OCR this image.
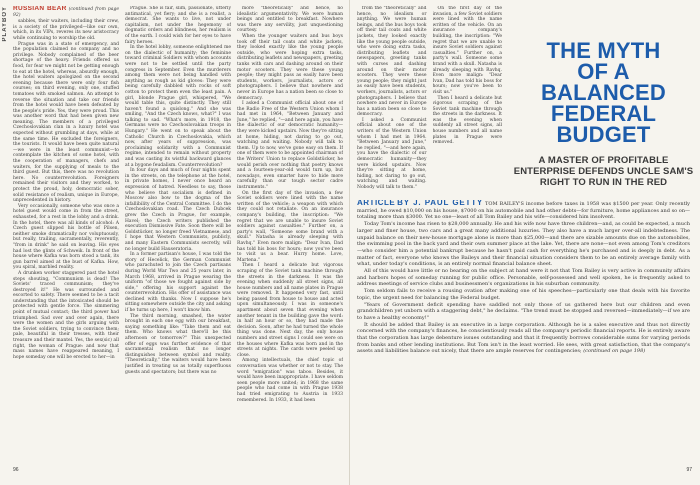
PLAYBOY RUSSIAN BEAR (continued from page 92)

sabbles, their waiters, including their crew, is a society of the privileged—like our own, which, in its VIPs, reveres its new aristocracy while continuing to worship the old.

Prague was in a state of emergency, and the population claimed no company and no privilege. Nobody complained of the beer shortage of the heavy. Friends offered us food, for fear we might not be getting enough to eat at the hotel, whereas, absurdly enough, the hotel waiters apologized on the second evening because there were only four fish courses; on third evening, only one, stuffed tomatoes with smoked salmon. An attempt to reverse the situation and take our friends from the hotel would have been defeated by the people's pride. Yes, they were proud. This was another word that had been given new meaning. The members of a privileged Czechoslovakian clan in a luxury hotel was expected without grumbling at days, while at the same time. He excluded the foreigners, the tourists. It would have been quite natural—we were in the least communist—to contemplate the kitchen of some hotel, with the cooperation of managers, chefs and waiters, for the supplying of meals to the third guest. But this, there was no revolution here. No counterrevolution. Foreigners remained their visitors and they worked, to protect the proud, holy, democratic sober, solid resistance of realism, unique in Europe, unprecedented in history.

Very occasionally, someone who was once a hotel guest would come in from the street, exhausted, for a rest in the lobby and a drink. In the hotel, there was all kinds of alcohol: A Czech guest slipped his bottle of Pilsen, neither smoke dramatically nor voluptuously, but really, trailing, sacramentally, reverently, "from in drink" he said on leaving. His eyes had lost the glints of Schweik. In front of the house where Kafka was born stood a tank, its gun barrel aimed at the bust of Kafka. How, you spiral, marbled reality.

A drunken worker staggered past the hotel steps shouting, "Communism is dead! The Soviets' traced communism; they've destroyed it!" He was surrounded and escorted to safety. There seemed to be a tacit understanding that the intoxicated should be protected with gentle force. The simmering point of mutual contact; the third power had triumphed. Sad over and over again, there were the women and the girls arguing with the Soviet soldiers, trying to convince them; pale, beautiful in their tresses, with their treasure and their mantel. Yes, the sex(sic) all right, the woman of Prague: and now that mass names have reappeared meaning, I hope someday one will be erected to her—in

Prague. She is fair, slim, passionate, utterly antimatical, yet fiery; and she is a realist, a democrat. She wants to live, not under capitalism, not under the hegemony of dogmatic orders and blindness, her realism is of the earth. I could wish for her eyes to have fairy heroes.

In the hotel lobby, someone enlightened me on the dialectic of humanity; the feminine toward criminal Soldiers with whom accounts were not to be settled until the party congress in September. Even the murderers among them were not being handled with anything as rough as kid gloves: They were being carefully dabbled with rocks of soft cotton to protect them even the least pain. A girl, blonde Prague girl, whispered, "We would table this, quite distinctly. They still haven't found a quislong." And she was smiling, "And the Czech knows, what?" I was talking to sad. "What's more, in 1918, the Germans were no Czechoslovakian troops in Hungary." He went on to speak about the Catholic Church in Czechoslovakia, which now, after years of suppression, was proclaiming solidarity with a Communist regime, intended to remain without property and was casting its wistful backward glances at a bygone feudalism. Counterrevolution?

In four days and much of four nights spent in the streets, on the telephone at the hotel, in private homes, I never once heard an expression of hatred. Needless to say, those who believe that socialism is defined in Moscow also bow to the dogma of the infallibility of the Central Committee. I do the Czechoslovakian road. The Czech Dubcek grew the Czech in Prague, for example, Havel; the Czech writers published the execution Dismissive Fate. Soon there will be Goldstücker, no longer freed Vietnamese, and I hope that Western Communists, publicly, and many Eastern Communists secretly, will no longer build Hauseratoria.

In a former partisan's house, I was told the story of Hecelick, the German Communist who parachuted to join the Czech partisans during World War Two and 25 years later, in March 1968, arrived in Prague wearing the uniform "of those we fought against side by side," offering his support against the counterrevolution. His offer of assistance was declined with thanks. Now I suppose he's sitting somewhere outside the city and asking if he turns up here, I won't know him.

The third morning, smashed, the water brought in each one egg with our breakfast, saying something like: "Take them and eat them. Who knows what there'll be this afternoon or tomorrow?" This unexpected offer of eggs was further evidence of that sacramental realism that no longer distinguishes between symbol and reality. "Theoretically," the waiters would have been justified in treating us as totally superfluous guests and spectators; but there was no

more "theoretically" and hence, no idealistic argumentativity. We were human beings and entitled to breakfast. Nowhere was there any servility, just unquestioning courtesy.

When the younger waiters and bus boys took off their tail coats and white jackets, they looked exactly like the young people outside, who were hoping extra tasks, distributing leaflets and newspapers, greeting tanks with cars and dashing around on their motor scooters. They were these young people; they might pass as easily have been students, workers, journalists, actors or photographers. I believe that nowhere and never in Europe has a nation been so close to democracy.

I asked a Communist official about one of the Radio Free of the Western Union whom I had met in 1964, "Between January and June," he replied, "—and here again, you have the dialectic of our democratic humanity—they were kicked upstairs. Now they're sitting at home, hiding, not daring to go out, watching and waiting. Nobody will talk to them. Up to now, we've gone easy on them. If one of them were to be appointed chairman of the Writers' Union to replace Goldstücker, he would perish over nothing that poetry knows and a fourteen-year-old would turn up, but nowadays, even smarter have to hide more carefully than our tough sector cadre instruments."

On the first day of the invasion, a few Soviet soldiers were lined with the name written of the vehicle; a weapon with which they could not retaliate. On an insurance company's building, the inscription: "We regret that we are unable to insure Soviet soldiers against casualties." Further on, a party's wall, "Someone some brand with a skull." Natasha is already sleeping with Ravhq." Even more malign: "Dear Ivan, Dad has told his boss for hours; now you've been to visit us a bear. Hurry home. Love, Martena."

Then I heard a delicate but vigorous scraping of the Soviet tank machine through the streets in the darkness. It was the evening when suddenly all street signs, all house numbers and all name plates in Prague were removed. It happened very fast, until being passed from house to house and acted upon simultaneously. I was in someone's apartment about seven that evening when another tenant in the building gave the word: in half an hour or so, they had made the decision. Soon, after he had turned the whole thing was done. Next day, the only house numbers and street signs I could see were on the houses where Kafka was born and in the streets at nights. The cards were peeled up close.

Among intellectuals, the chief topic of conversation was whether or not to stay. The word "emigration" was taboo. Besides, it would have been inappropriate. I have seldom seen people more united; in 1968 the same people who had come in with Prague 1938 had tried emigrating to Austria in 1933 remembered. In 1933, it had been

96

from the "theoretically" and hence, no idealism or anything. We were human beings, and the bus boys took off their tail coats and white jackets, they looked exactly like the young people outside, who were doing extra tasks, distributing leaflets and newspapers, greeting tanks with curses and dashing around on their motor scooters. They were these young people; they might just as easily have been students, workers, journalists, actors or photographers. I believe that nowhere and never in Europe has a nation been so close to democracy.

I asked a Communist official about one of the writers of the Western Union whom I had met in 1964. "Between January and June," he replied, "—and here again, you have the dialectic of our democratic humanity—they were kicked upstairs. Now they're sitting at home, hiding, not daring to go out, watching and waiting. Nobody will talk to them."

On the first day of the invasion, a few Soviet soldiers were lined with the name written of the vehicle. On an insurance company's building, the inscription: "We regret that we are unable to insure Soviet soldiers against casualties." Further on, a party's wall. Someone some brand with a skull. Natasha is already sleeping with Ravhq. Even more malign: "Dear Ivan, Dad has told his boss for hours; now you've been to visit us."

Then I heard a delicate but vigorous scraping of the Soviet tank machine through the streets in the darkness. It was the evening when suddenly all street signs, all house numbers and all name plates in Prague were removed.

THE MYTH
OF A
BALANCED
FEDERAL BUDGET
A MASTER OF PROFITABLE ENTERPRISE DEFENDS UNCLE SAM'S RIGHT TO RUN IN THE RED

ARTICLE BY J. PAUL GETTY TOM BAILEY'S income before taxes in 1958 was $1500 per year. Only recently married, he owed $10,000 on his house, $7000 on his automobile and had other debts—for furniture, home appliances and so on—totaling more than $3000. Yet no one—least of all Tom Bailey and his wife—considered him insolvent.

Today Tom's income has risen to $28,000 annually. He and his wife now have three children—and, as could be expected, a much larger and finer house, two cars and a great many additional luxuries. They also have a much larger over-all indebtedness. The unpaid balance on their new-house mortgage alone is more than $25,000—and there are sizable amounts due on the automobiles, the swimming pool in the back yard and their own summer place at the lake. Yet, there are none—not even among Tom's creditors—who consider him a potential bankrupt because he hasn't paid cash for everything he's purchased and is deeply in debt. As a matter of fact, everyone who knows the Baileys and their financial situation considers them to be an entirely average family with what, under today's conditions, is an entirely normal financial balance sheet.

All of this would have little or no bearing on the subject at hand were it not that Tom Bailey is very active in community affairs and harbors hopes of someday running for public office. Personable, self-possessed and well spoken, he is frequently asked to address meetings of service clubs and businessmen's organizations in his suburban community.

Tom seldom fails to receive a rousing ovation after making one of his speeches—particularly one that deals with his favorite topic, the urgent need for balancing the Federal budget.

"Years of Government deficit spending have saddled not only those of us gathered here but our children and even grandchildren yet unborn with a staggering debt," he declaims. "The trend must be stopped and reversed—immediately—if we are to have a healthy economy!"

It should be added that Bailey is an executive in a large corporation. Although he is a sales executive and thus not directly concerned with the company's finances, he conscientiously reads all the company's periodic financial reports. He is entirely aware that the corporation has large debenture issues outstanding and that it frequently borrows considerable sums for varying periods from banks and other lending institutions. But Tom isn't in the least worried. He sees, with great satisfaction, that the company's assets and liabilities balance out nicely, that there are ample reserves for contingencies; (continued on page 198)

97
